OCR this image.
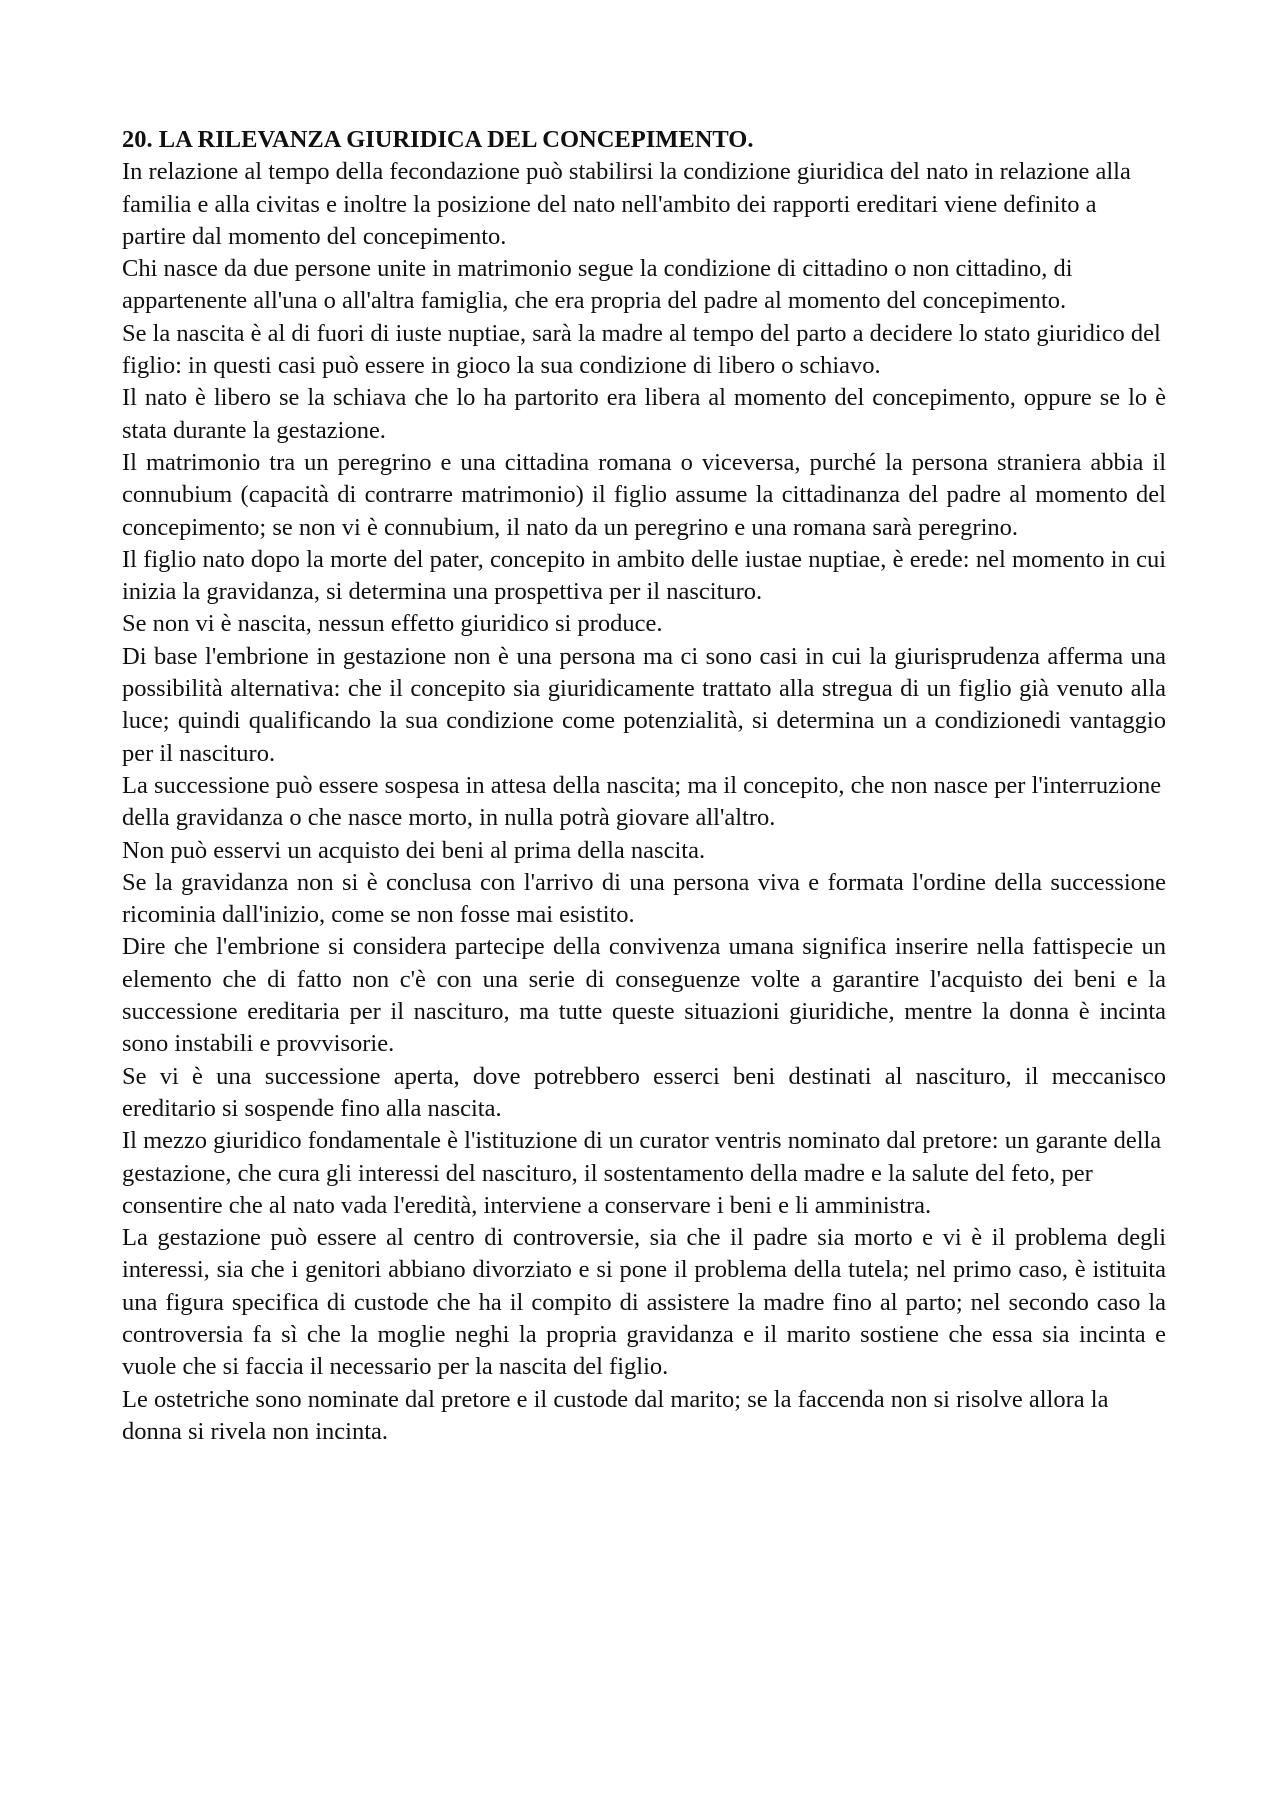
20. LA RILEVANZA GIURIDICA DEL CONCEPIMENTO.

In relazione al tempo della fecondazione può stabilirsi la condizione giuridica del nato in relazione alla familia e alla civitas e inoltre la posizione del nato nell'ambito dei rapporti ereditari viene definito a partire dal momento del concepimento.

Chi nasce da due persone unite in matrimonio segue la condizione di cittadino o non cittadino, di appartenente all'una o all'altra famiglia, che era propria del padre al momento del concepimento.

Se la nascita è al di fuori di iuste nuptiae, sarà la madre al tempo del parto a decidere lo stato giuridico del figlio: in questi casi può essere in gioco la sua condizione di libero o schiavo.

Il nato è libero se la schiava che lo ha partorito era libera al momento del concepimento, oppure se lo è stata durante la gestazione.

Il matrimonio tra un peregrino e una cittadina romana o viceversa, purché la persona straniera abbia il connubium (capacità di contrarre matrimonio) il figlio assume la cittadinanza del padre al momento del concepimento; se non vi è connubium, il nato da un peregrino e una romana sarà peregrino.

Il figlio nato dopo la morte del pater, concepito in ambito delle iustae nuptiae, è erede: nel momento in cui inizia la gravidanza, si determina una prospettiva per il nascituro.

Se non vi è nascita, nessun effetto giuridico si produce.

Di base l'embrione in gestazione non è una persona ma ci sono casi in cui la giurisprudenza afferma una possibilità alternativa: che il concepito sia giuridicamente trattato alla stregua di un figlio già venuto alla luce; quindi qualificando la sua condizione come potenzialità, si determina un a condizionedi vantaggio per il nascituro.

La successione può essere sospesa in attesa della nascita; ma il concepito, che non nasce per l'interruzione della gravidanza o che nasce morto, in nulla potrà giovare all'altro.

Non può esservi un acquisto dei beni al prima della nascita.

Se la gravidanza non si è conclusa con l'arrivo di una persona viva e formata l'ordine della successione ricominia dall'inizio, come se non fosse mai esistito.

Dire che l'embrione si considera partecipe della convivenza umana significa inserire nella fattispecie un elemento che di fatto non c'è con una serie di conseguenze volte a garantire l'acquisto dei beni e la successione ereditaria per il nascituro, ma tutte queste situazioni giuridiche, mentre la donna è incinta sono instabili e provvisorie.

Se vi è una successione aperta, dove potrebbero esserci beni destinati al nascituro, il meccanisco ereditario si sospende fino alla nascita.

Il mezzo giuridico fondamentale è l'istituzione di un curator ventris nominato dal pretore: un garante della gestazione, che cura gli interessi del nascituro, il sostentamento della madre e la salute del feto, per consentire che al nato vada l'eredità, interviene a conservare i beni e li amministra.

La gestazione può essere al centro di controversie, sia che il padre sia morto e vi è il problema degli interessi, sia che i genitori abbiano divorziato e si pone il problema della tutela; nel primo caso, è istituita una figura specifica di custode che ha il compito di assistere la madre fino al parto; nel secondo caso la controversia fa sì che la moglie neghi la propria gravidanza e il marito sostiene che essa sia incinta e vuole che si faccia il necessario per la nascita del figlio.

Le ostetriche sono nominate dal pretore e il custode dal marito; se la faccenda non si risolve allora la donna si rivela non incinta.
